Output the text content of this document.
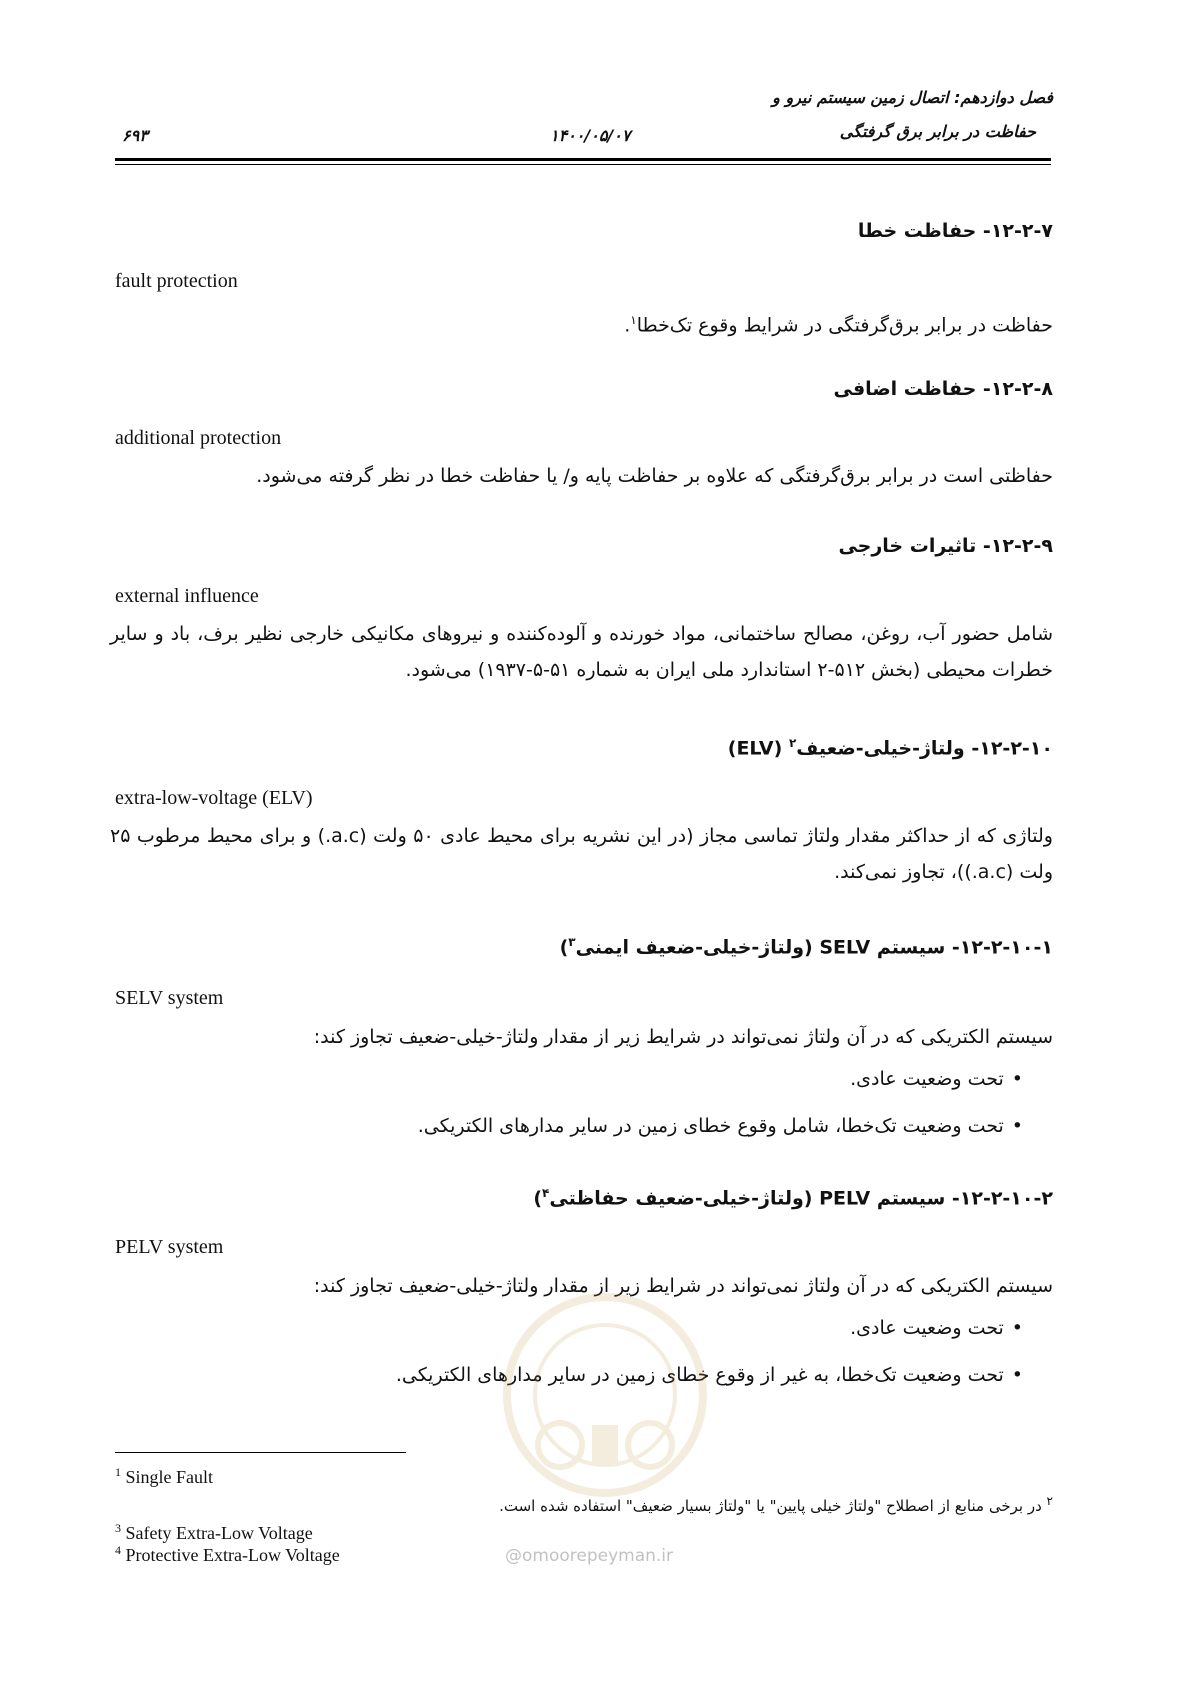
فصل دوازدهم: اتصال زمین سیستم نیرو و
حفاظت در برابر برق گرفتگی
۱۴۰۰/۰۵/۰۷
۶۹۳
۱۲-۲-۷- حفاظت خطا
fault protection
حفاظت در برابر برق‌گرفتگی در شرایط وقوع تک‌خطا$^۱$.
۱۲-۲-۸- حفاظت اضافی
additional protection
حفاظتی است در برابر برق‌گرفتگی که علاوه بر حفاظت پایه و/ یا حفاظت خطا در نظر گرفته می‌شود.
۱۲-۲-۹- تاثیرات خارجی
external influence
شامل حضور آب، روغن، مصالح ساختمانی، مواد خورنده و آلوده‌کننده و نیروهای مکانیکی خارجی نظیر برف، باد و سایر خطرات محیطی (بخش ۵۱۲-۲ استاندارد ملی ایران به شماره ۵۱-۵-۱۹۳۷) می‌شود.
۱۲-۲-۱۰- ولتاژ-خیلی-ضعیف$^۲$ (ELV)
extra-low-voltage (ELV)
ولتاژی که از حداکثر مقدار ولتاژ تماسی مجاز (در این نشریه برای محیط عادی ۵۰ ولت (a.c.) و برای محیط مرطوب ۲۵ ولت (a.c.))، تجاوز نمی‌کند.
۱۲-۲-۱۰-۱- سیستم SELV (ولتاژ-خیلی-ضعیف ایمنی$^۳$)
SELV system
سیستم الکتریکی که در آن ولتاژ نمی‌تواند در شرایط زیر از مقدار ولتاژ-خیلی-ضعیف تجاوز کند:
•تحت وضعیت عادی.
•تحت وضعیت تک‌خطا، شامل وقوع خطای زمین در سایر مدارهای الکتریکی.
۱۲-۲-۱۰-۲- سیستم PELV (ولتاژ-خیلی-ضعیف حفاظتی$^۴$)
PELV system
سیستم الکتریکی که در آن ولتاژ نمی‌تواند در شرایط زیر از مقدار ولتاژ-خیلی-ضعیف تجاوز کند:
•تحت وضعیت عادی.
•تحت وضعیت تک‌خطا، به غیر از وقوع خطای زمین در سایر مدارهای الکتریکی.
@omoorepeyman.ir
$^1$ Single Fault
$^۲$ در برخی منابع از اصطلاح "ولتاژ خیلی پایین" یا "ولتاژ بسیار ضعیف" استفاده شده است.
$^3$ Safety Extra-Low Voltage
$^4$ Protective Extra-Low Voltage
